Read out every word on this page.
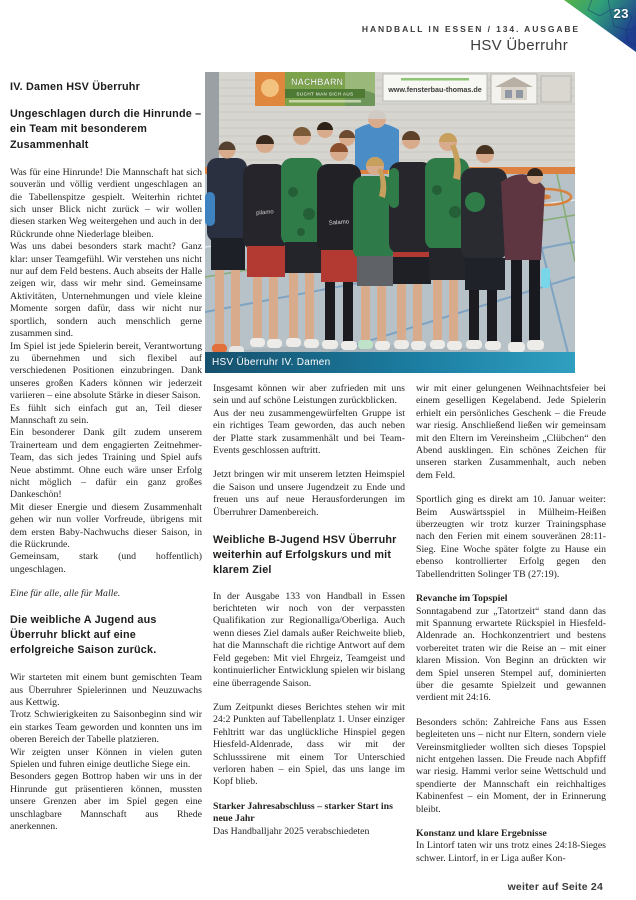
HANDBALL IN ESSEN / 134. AUSGABE
HSV Überruhr
23
NACHBARN
SUCHT MAN SICH AUS	www.fensterbau-thomas.de
pilamo
Salamo
HSV Überruhr IV. Damen
IV. Damen HSV Überruhr
Ungeschlagen durch die Hinrunde – ein Team mit besonderem Zusammenhalt

Was für eine Hinrunde! Die Mannschaft hat sich souverän und völlig verdient ungeschlagen an die Tabellenspitze gespielt. Weiterhin richtet sich unser Blick nicht zurück – wir wollen diesen starken Weg weitergehen und auch in der Rückrunde ohne Niederlage bleiben.

Was uns dabei besonders stark macht? Ganz klar: unser Teamgefühl. Wir verstehen uns nicht nur auf dem Feld bestens. Auch abseits der Halle zeigen wir, dass wir mehr sind. Gemeinsame Aktivitäten, Unternehmungen und viele kleine Momente sorgen dafür, dass wir nicht nur sportlich, sondern auch menschlich gerne zusammen sind.

Im Spiel ist jede Spielerin bereit, Verantwortung zu übernehmen und sich flexibel auf verschiedenen Positionen einzubringen. Dank unseres großen Kaders können wir jederzeit variieren – eine absolute Stärke in dieser Saison.

Es fühlt sich einfach gut an, Teil dieser Mannschaft zu sein.

Ein besonderer Dank gilt zudem unserem Trainerteam und dem engagierten Zeitnehmer-Team, das sich jedes Training und Spiel aufs Neue abstimmt. Ohne euch wäre unser Erfolg nicht möglich – dafür ein ganz großes Dankeschön!

Mit dieser Energie und diesem Zusammenhalt gehen wir nun voller Vorfreude, übrigens mit dem ersten Baby-Nachwuchs dieser Saison, in die Rückrunde.

Gemeinsam, stark (und hoffentlich) ungeschlagen.

Eine für alle, alle für Malle.

Die weibliche A Jugend aus Überruhr blickt auf eine erfolgreiche Saison zurück.

Wir starteten mit einem bunt gemischten Team aus Überruhrer Spielerinnen und Neuzuwachs aus Kettwig.

Trotz Schwierigkeiten zu Saisonbeginn sind wir ein starkes Team geworden und konnten uns im oberen Bereich der Tabelle platzieren.

Wir zeigten unser Können in vielen guten Spielen und fuhren einige deutliche Siege ein.

Besonders gegen Bottrop haben wir uns in der Hinrunde gut präsentieren können, mussten unsere Grenzen aber im Spiel gegen eine unschlagbare Mannschaft aus Rhede anerkennen.

Insgesamt können wir aber zufrieden mit uns sein und auf schöne Leistungen zurückblicken.

Aus der neu zusammengewürfelten Gruppe ist ein richtiges Team geworden, das auch neben der Platte stark zusammenhält und bei Team-Events geschlossen auftritt.

Jetzt bringen wir mit unserem letzten Heimspiel die Saison und unsere Jugendzeit zu Ende und freuen uns auf neue Herausforderungen im Überruhrer Damenbereich.

Weibliche B-Jugend HSV Überruhr weiterhin auf Erfolgskurs und mit klarem Ziel

In der Ausgabe 133 von Handball in Essen berichteten wir noch von der verpassten Qualifikation zur Regionalliga/Oberliga. Auch wenn dieses Ziel damals außer Reichweite blieb, hat die Mannschaft die richtige Antwort auf dem Feld gegeben: Mit viel Ehrgeiz, Teamgeist und kontinuierlicher Entwicklung spielen wir bislang eine überragende Saison.

Zum Zeitpunkt dieses Berichtes stehen wir mit 24:2 Punkten auf Tabellenplatz 1. Unser einziger Fehltritt war das unglückliche Hinspiel gegen Hiesfeld-Aldenrade, dass wir mit der Schlusssirene mit einem Tor Unterschied verloren haben – ein Spiel, das uns lange im Kopf blieb.

Starker Jahresabschluss – starker Start ins neue Jahr

Das Handballjahr 2025 verabschiedeten

wir mit einer gelungenen Weihnachtsfeier bei einem geselligen Kegelabend. Jede Spielerin erhielt ein persönliches Geschenk – die Freude war riesig. Anschließend ließen wir gemeinsam mit den Eltern im Vereinsheim „Clübchen“ den Abend ausklingen. Ein schönes Zeichen für unseren starken Zusammenhalt, auch neben dem Feld.

Sportlich ging es direkt am 10. Januar weiter: Beim Auswärtsspiel in Mülheim-Heißen überzeugten wir trotz kurzer Trainingsphase nach den Ferien mit einem souveränen 28:11-Sieg. Eine Woche später folgte zu Hause ein ebenso kontrollierter Erfolg gegen den Tabellendritten Solinger TB (27:19).

Revanche im Topspiel

Sonntagabend zur „Tatortzeit“ stand dann das mit Spannung erwartete Rückspiel in Hiesfeld-Aldenrade an. Hochkonzentriert und bestens vorbereitet traten wir die Reise an – mit einer klaren Mission. Von Beginn an drückten wir dem Spiel unseren Stempel auf, dominierten über die gesamte Spielzeit und gewannen verdient mit 24:16.

Besonders schön: Zahlreiche Fans aus Essen begleiteten uns – nicht nur Eltern, sondern viele Vereinsmitglieder wollten sich dieses Topspiel nicht entgehen lassen. Die Freude nach Abpfiff war riesig. Hammi verlor seine Wettschuld und spendierte der Mannschaft ein reichhaltiges Kabinenfest – ein Moment, der in Erinnerung bleibt.

Konstanz und klare Ergebnisse

In Lintorf taten wir uns trotz eines 24:18-Sieges schwer. Lintorf, in er Liga außer Kon-

weiter auf Seite 24
